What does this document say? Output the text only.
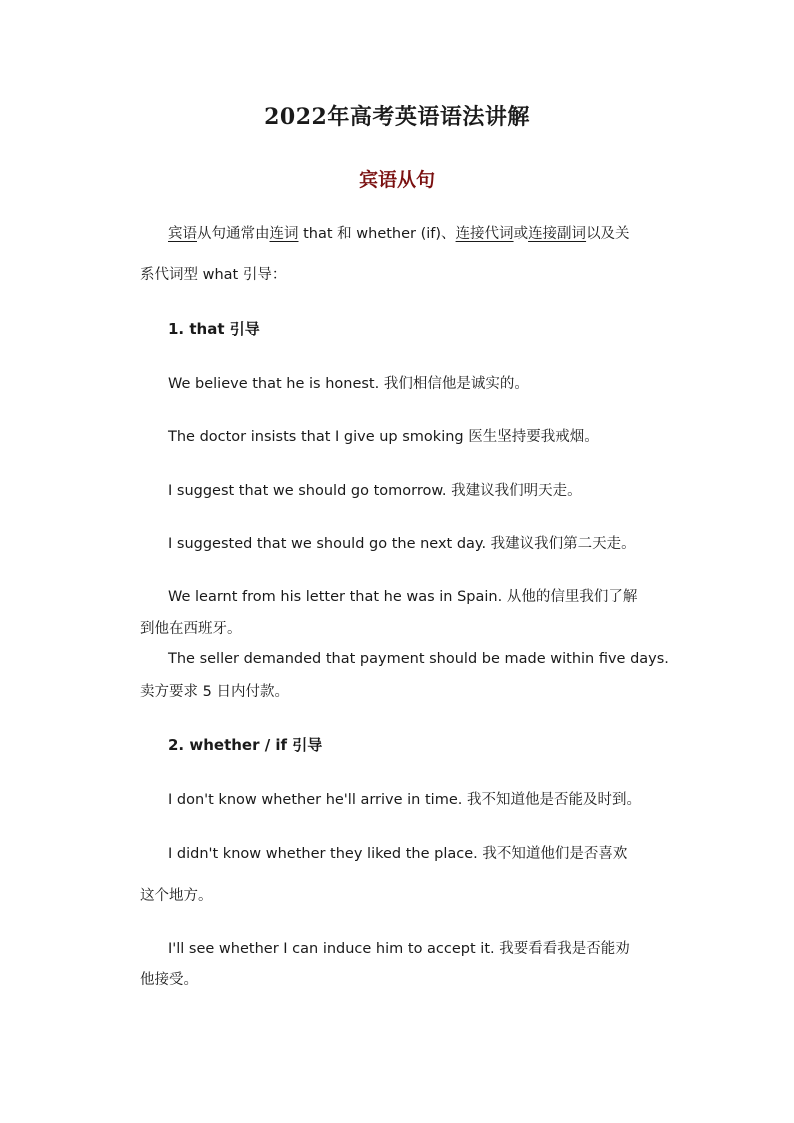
2022年高考英语语法讲解
宾语从句
宾语从句通常由连词 that 和 whether (if)、连接代词或连接副词以及关
系代词型 what 引导：
1. that 引导
We believe that he is honest. 我们相信他是诚实的。
The doctor insists that I give up smoking 医生坚持要我戒烟。
I suggest that we should go tomorrow. 我建议我们明天走。
I suggested that we should go the next day. 我建议我们第二天走。
We learnt from his letter that he was in Spain. 从他的信里我们了解
到他在西班牙。
The seller demanded that payment should be made within five days.
卖方要求 5 日内付款。
2. whether / if 引导
I don't know whether he'll arrive in time. 我不知道他是否能及时到。
I didn't know whether they liked the place. 我不知道他们是否喜欢
这个地方。
I'll see whether I can induce him to accept it. 我要看看我是否能劝
他接受。
